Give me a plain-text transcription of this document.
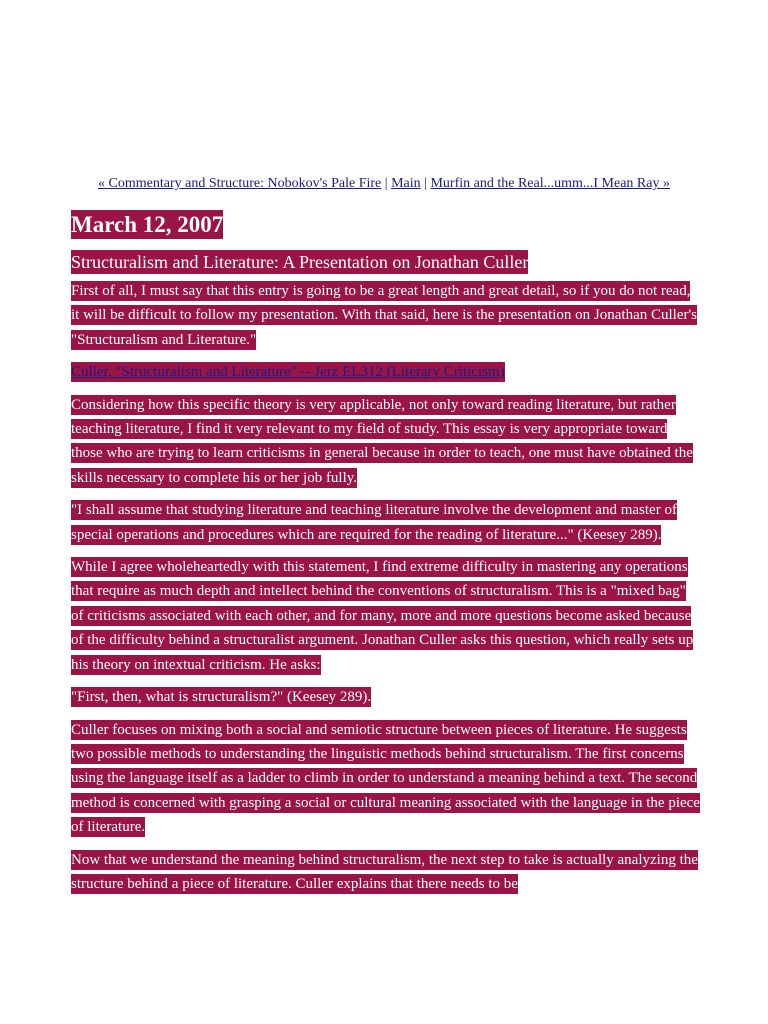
« Commentary and Structure: Nobokov's Pale Fire | Main | Murfin and the Real...umm...I Mean Ray »
March 12, 2007
Structuralism and Literature: A Presentation on Jonathan Culler

First of all, I must say that this entry is going to be a great length and great detail, so if you do not read, it will be difficult to follow my presentation. With that said, here is the presentation on Jonathan Culler's "Structuralism and Literature."

Culler, "Structuralism and Literature" -- Jerz EL312 (Literary Criticism)

Considering how this specific theory is very applicable, not only toward reading literature, but rather teaching literature, I find it very relevant to my field of study. This essay is very appropriate toward those who are trying to learn criticisms in general because in order to teach, one must have obtained the skills necessary to complete his or her job fully.

"I shall assume that studying literature and teaching literature involve the development and master of special operations and procedures which are required for the reading of literature..." (Keesey 289).

While I agree wholeheartedly with this statement, I find extreme difficulty in mastering any operations that require as much depth and intellect behind the conventions of structuralism. This is a "mixed bag" of criticisms associated with each other, and for many, more and more questions become asked because of the difficulty behind a structuralist argument. Jonathan Culler asks this question, which really sets up his theory on intextual criticism. He asks:

"First, then, what is structuralism?" (Keesey 289).

Culler focuses on mixing both a social and semiotic structure between pieces of literature. He suggests two possible methods to understanding the linguistic methods behind structuralism. The first concerns using the language itself as a ladder to climb in order to understand a meaning behind a text. The second method is concerned with grasping a social or cultural meaning associated with the language in the piece of literature.

Now that we understand the meaning behind structuralism, the next step to take is actually analyzing the structure behind a piece of literature. Culler explains that there needs to be
